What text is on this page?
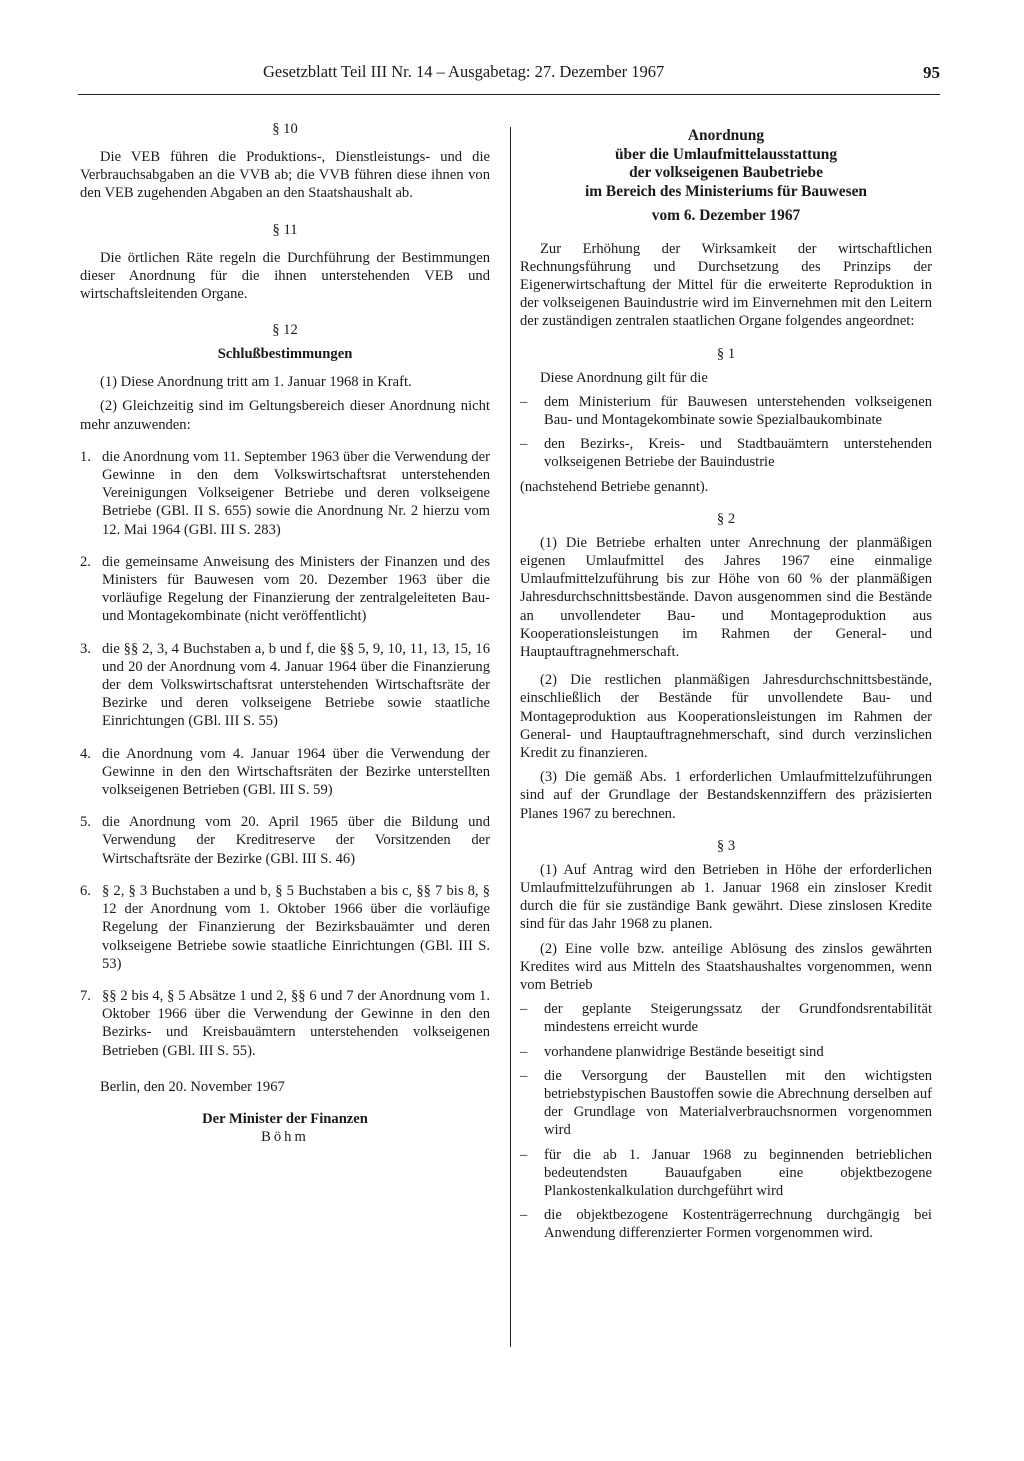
Gesetzblatt Teil III Nr. 14 – Ausgabetag: 27. Dezember 1967	95
§ 10

Die VEB führen die Produktions-, Dienstleistungs- und die Verbrauchsabgaben an die VVB ab; die VVB führen diese ihnen von den VEB zugehenden Abgaben an den Staatshaushalt ab.

§ 11

Die örtlichen Räte regeln die Durchführung der Bestimmungen dieser Anordnung für die ihnen unterstehenden VEB und wirtschaftsleitenden Organe.

§ 12
Schlußbestimmungen

(1) Diese Anordnung tritt am 1. Januar 1968 in Kraft.

(2) Gleichzeitig sind im Geltungsbereich dieser Anordnung nicht mehr anzuwenden:

1. die Anordnung vom 11. September 1963 über die Verwendung der Gewinne in den dem Volkswirtschaftsrat unterstehenden Vereinigungen Volkseigener Betriebe und deren volkseigene Betriebe (GBl. II S. 655) sowie die Anordnung Nr. 2 hierzu vom 12. Mai 1964 (GBl. III S. 283)
2. die gemeinsame Anweisung des Ministers der Finanzen und des Ministers für Bauwesen vom 20. Dezember 1963 über die vorläufige Regelung der Finanzierung der zentralgeleiteten Bau- und Montagekombinate (nicht veröffentlicht)
3. die §§ 2, 3, 4 Buchstaben a, b und f, die §§ 5, 9, 10, 11, 13, 15, 16 und 20 der Anordnung vom 4. Januar 1964 über die Finanzierung der dem Volkswirtschaftsrat unterstehenden Wirtschaftsräte der Bezirke und deren volkseigene Betriebe sowie staatliche Einrichtungen (GBl. III S. 55)
4. die Anordnung vom 4. Januar 1964 über die Verwendung der Gewinne in den den Wirtschaftsräten der Bezirke unterstellten volkseigenen Betrieben (GBl. III S. 59)
5. die Anordnung vom 20. April 1965 über die Bildung und Verwendung der Kreditreserve der Vorsitzenden der Wirtschaftsräte der Bezirke (GBl. III S. 46)
6. § 2, § 3 Buchstaben a und b, § 5 Buchstaben a bis c, §§ 7 bis 8, § 12 der Anordnung vom 1. Oktober 1966 über die vorläufige Regelung der Finanzierung der Bezirksbauämter und deren volkseigene Betriebe sowie staatliche Einrichtungen (GBl. III S. 53)
7. §§ 2 bis 4, § 5 Absätze 1 und 2, §§ 6 und 7 der Anordnung vom 1. Oktober 1966 über die Verwendung der Gewinne in den den Bezirks- und Kreisbauämtern unterstehenden volkseigenen Betrieben (GBl. III S. 55).

Berlin, den 20. November 1967

Der Minister der Finanzen
Böhm
Anordnung
über die Umlaufmittelausstattung
der volkseigenen Baubetriebe
im Bereich des Ministeriums für Bauwesen
vom 6. Dezember 1967

Zur Erhöhung der Wirksamkeit der wirtschaftlichen Rechnungsführung und Durchsetzung des Prinzips der Eigenerwirtschaftung der Mittel für die erweiterte Reproduktion in der volkseigenen Bauindustrie wird im Einvernehmen mit den Leitern der zuständigen zentralen staatlichen Organe folgendes angeordnet:

§ 1

Diese Anordnung gilt für die

–	dem Ministerium für Bauwesen unterstehenden volkseigenen Bau- und Montagekombinate sowie Spezialbaukombinate
–	den Bezirks-, Kreis- und Stadtbauämtern unterstehenden volkseigenen Betriebe der Bauindustrie

(nachstehend Betriebe genannt).

§ 2

(1) Die Betriebe erhalten unter Anrechnung der planmäßigen eigenen Umlaufmittel des Jahres 1967 eine einmalige Umlaufmittelzuführung bis zur Höhe von 60 % der planmäßigen Jahresdurchschnittsbestände. Davon ausgenommen sind die Bestände an unvollendeter Bau- und Montageproduktion aus Kooperationsleistungen im Rahmen der General- und Hauptauftragnehmerschaft.

(2) Die restlichen planmäßigen Jahresdurchschnittsbestände, einschließlich der Bestände für unvollendete Bau- und Montageproduktion aus Kooperationsleistungen im Rahmen der General- und Hauptauftragnehmerschaft, sind durch verzinslichen Kredit zu finanzieren.

(3) Die gemäß Abs. 1 erforderlichen Umlaufmittelzuführungen sind auf der Grundlage der Bestandskennziffern des präzisierten Planes 1967 zu berechnen.

§ 3

(1) Auf Antrag wird den Betrieben in Höhe der erforderlichen Umlaufmittelzuführungen ab 1. Januar 1968 ein zinsloser Kredit durch die für sie zuständige Bank gewährt. Diese zinslosen Kredite sind für das Jahr 1968 zu planen.

(2) Eine volle bzw. anteilige Ablösung des zinslos gewährten Kredites wird aus Mitteln des Staatshaushaltes vorgenommen, wenn vom Betrieb

–	der geplante Steigerungssatz der Grundfondsrentabilität mindestens erreicht wurde
–	vorhandene planwidrige Bestände beseitigt sind
–	die Versorgung der Baustellen mit den wichtigsten betriebstypischen Baustoffen sowie die Abrechnung derselben auf der Grundlage von Materialverbrauchsnormen vorgenommen wird
–	für die ab 1. Januar 1968 zu beginnenden betrieblichen bedeutendsten Bauaufgaben eine objektbezogene Plankostenkalkulation durchgeführt wird
–	die objektbezogene Kostenträgerrechnung durchgängig bei Anwendung differenzierter Formen vorgenommen wird.
